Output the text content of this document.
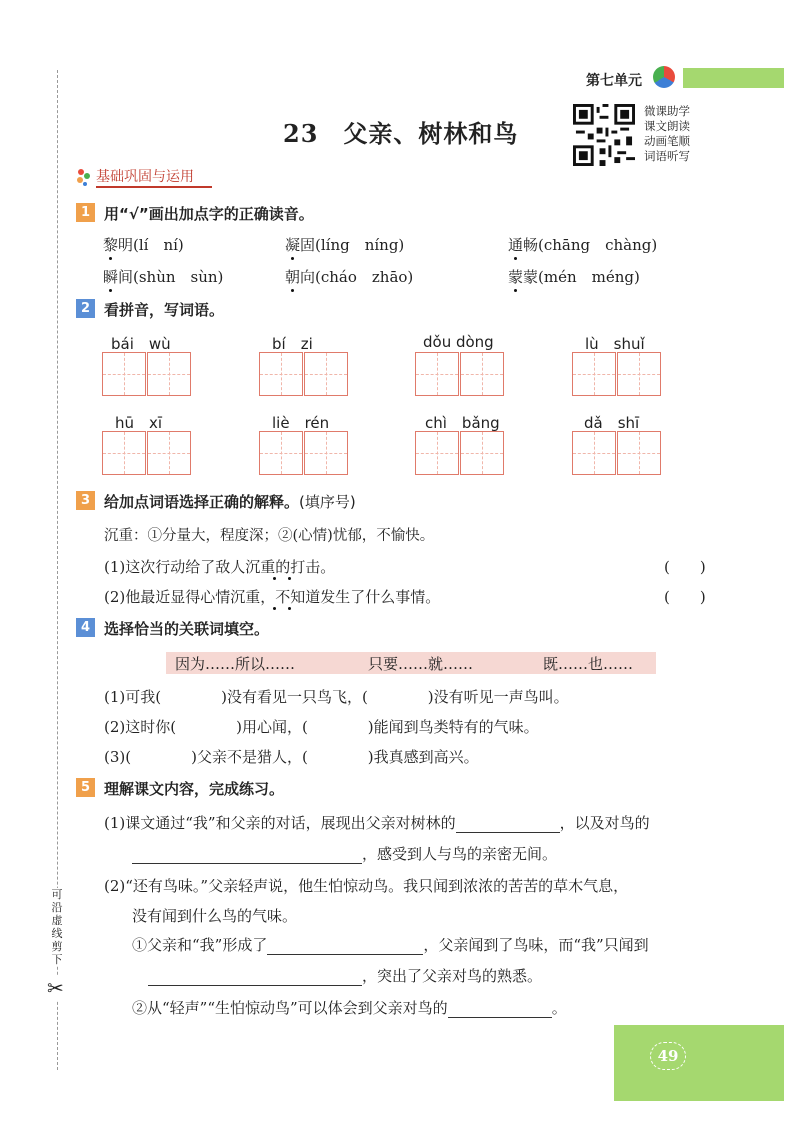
可沿虚线剪下
✂
第七单元
23　父亲、树林和鸟
微课助学
课文朗读
动画笔顺
词语听写
基础巩固与运用
1 用“√”画出加点字的正确读音。
黎明(lí　ní)	凝固(líng　níng)	通畅(chāng　chàng)
瞬间(shùn　sùn)	朝向(cháo　zhāo)	蒙蒙(mén　méng)
2 看拼音，写词语。
bái　wù	bí　zi	dǒu dòng	lù　shuǐ
hū　xī	liè　rén	chì　bǎng	dǎ　shī
3 给加点词语选择正确的解释。(填序号)
沉重：①分量大，程度深；②(心情)忧郁，不愉快。
(1)这次行动给了敌人沉重的打击。	(　　)
(2)他最近显得心情沉重，不知道发生了什么事情。	(　　)
4 选择恰当的关联词填空。
因为……所以……	只要……就……	既……也……
(1)可我(　　　　)没有看见一只鸟飞，(　　　　)没有听见一声鸟叫。
(2)这时你(　　　　)用心闻，(　　　　)能闻到鸟类特有的气味。
(3)(　　　　)父亲不是猎人，(　　　　)我真感到高兴。
5 理解课文内容，完成练习。
(1)课文通过“我”和父亲的对话，展现出父亲对树林的	，以及对鸟的
，感受到人与鸟的亲密无间。
(2)“还有鸟味。”父亲轻声说，他生怕惊动鸟。我只闻到浓浓的苦苦的草木气息，
没有闻到什么鸟的气味。
①父亲和“我”形成了	，父亲闻到了鸟味，而“我”只闻到
，突出了父亲对鸟的熟悉。
②从“轻声”“生怕惊动鸟”可以体会到父亲对鸟的	。
49
